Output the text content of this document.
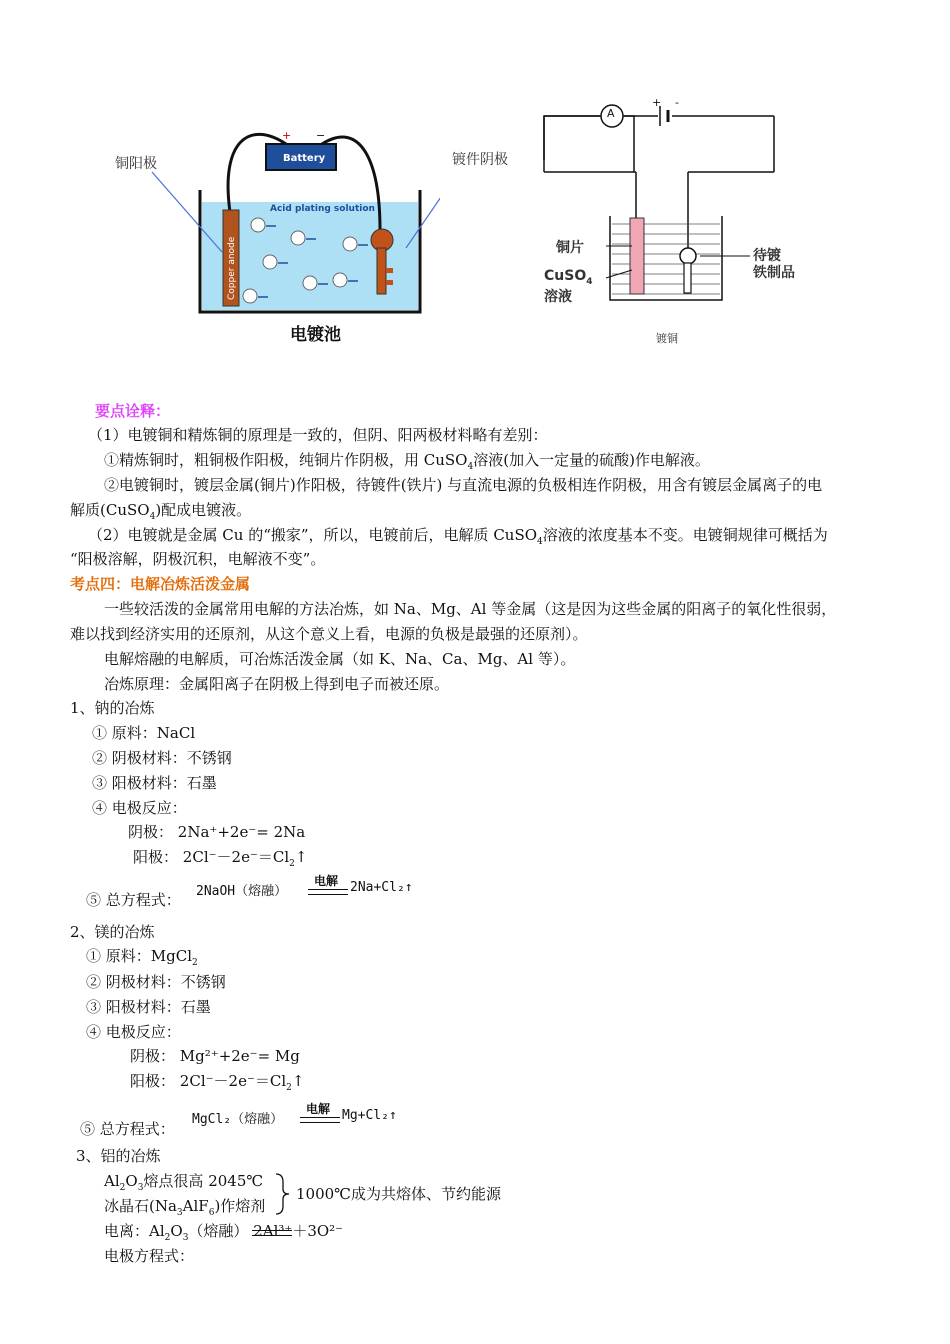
铜阳极	镀件阴极
Battery
+ −
Acid plating solution
Copper anode
电镀池
A
+ -
铜片
CuSO$_4$
溶液
待镀
铁制品
镀铜
要点诠释：
（1）电镀铜和精炼铜的原理是一致的，但阴、阳两极材料略有差别：
①精炼铜时，粗铜极作阳极，纯铜片作阴极，用 CuSO$_4$溶液(加入一定量的硫酸)作电解液。
②电镀铜时，镀层金属(铜片)作阳极，待镀件(铁片) 与直流电源的负极相连作阴极，用含有镀层金属离子的电
解质(CuSO$_4$)配成电镀液。
（2）电镀就是金属 Cu 的“搬家”，所以，电镀前后，电解质 CuSO$_4$溶液的浓度基本不变。电镀铜规律可概括为
“阳极溶解，阴极沉积，电解液不变”。
考点四：电解冶炼活泼金属
一些较活泼的金属常用电解的方法冶炼，如 Na、Mg、Al 等金属（这是因为这些金属的阳离子的氧化性很弱，
难以找到经济实用的还原剂，从这个意义上看，电源的负极是最强的还原剂）。
电解熔融的电解质，可冶炼活泼金属（如 K、Na、Ca、Mg、Al 等）。
冶炼原理：金属阳离子在阴极上得到电子而被还原。
1、钠的冶炼
① 原料：NaCl
② 阴极材料：不锈钢
③ 阳极材料：石墨
④ 电极反应：
阴极： 2Na⁺+2e⁻= 2Na
阳极： $2Cl^--2e^-=Cl_2↑$
⑤ 总方程式： 2NaOH（熔融）
电解 2Na+Cl₂↑
2、镁的冶炼
① 原料：MgCl$_2$
② 阴极材料：不锈钢
③ 阳极材料：石墨
④ 电极反应：
阴极： Mg²⁺+2e⁻= Mg
阳极： $2Cl^--2e^-=Cl_2↑$
⑤ 总方程式：
MgCl₂（熔融）
电解 Mg+Cl₂↑
3、铝的冶炼
$Al_2O_3$熔点很高 2045℃
冰晶石$(Na_3AlF_6)$作熔剂
1000℃成为共熔体、节约能源
电离：$Al_2O_3$（熔融） 2Al³⁺＋3O²⁻
电极方程式：
